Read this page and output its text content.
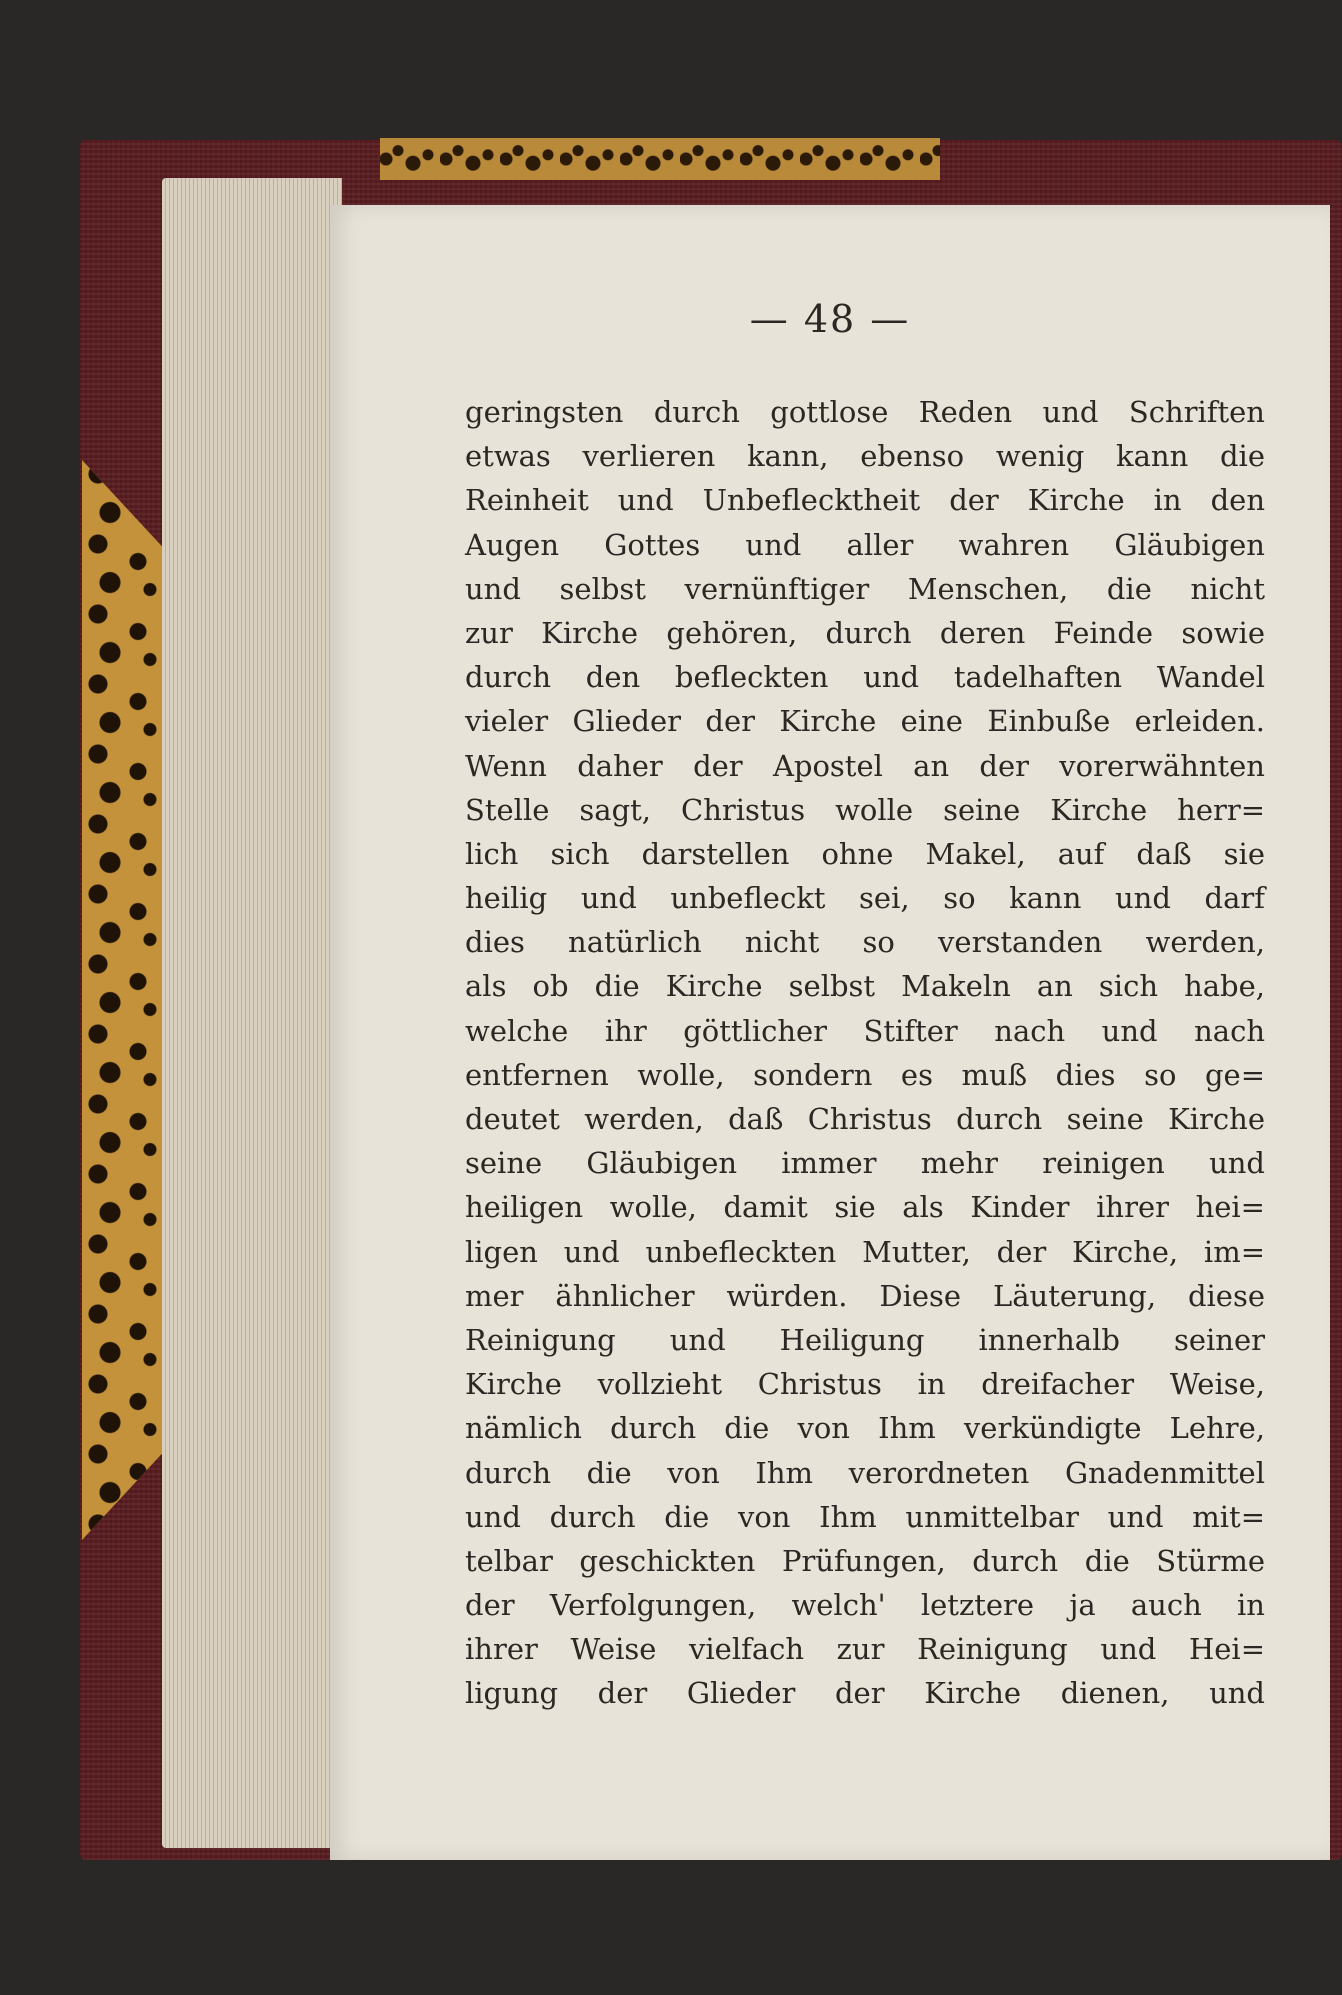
— 48 —
geringsten durch gottlose Reden und Schriften
etwas verlieren kann, ebenso wenig kann die
Reinheit und Unbeflecktheit der Kirche in den
Augen Gottes und aller wahren Gläubigen
und selbst vernünftiger Menschen, die nicht
zur Kirche gehören, durch deren Feinde sowie
durch den befleckten und tadelhaften Wandel
vieler Glieder der Kirche eine Einbuße erleiden.
Wenn daher der Apostel an der vorerwähnten
Stelle sagt, Christus wolle seine Kirche herr=
lich sich darstellen ohne Makel, auf daß sie
heilig und unbefleckt sei, so kann und darf
dies natürlich nicht so verstanden werden,
als ob die Kirche selbst Makeln an sich habe,
welche ihr göttlicher Stifter nach und nach
entfernen wolle, sondern es muß dies so ge=
deutet werden, daß Christus durch seine Kirche
seine Gläubigen immer mehr reinigen und
heiligen wolle, damit sie als Kinder ihrer hei=
ligen und unbefleckten Mutter, der Kirche, im=
mer ähnlicher würden. Diese Läuterung, diese
Reinigung und Heiligung innerhalb seiner
Kirche vollzieht Christus in dreifacher Weise,
nämlich durch die von Ihm verkündigte Lehre,
durch die von Ihm verordneten Gnadenmittel
und durch die von Ihm unmittelbar und mit=
telbar geschickten Prüfungen, durch die Stürme
der Verfolgungen, welch' letztere ja auch in
ihrer Weise vielfach zur Reinigung und Hei=
ligung der Glieder der Kirche dienen, und
